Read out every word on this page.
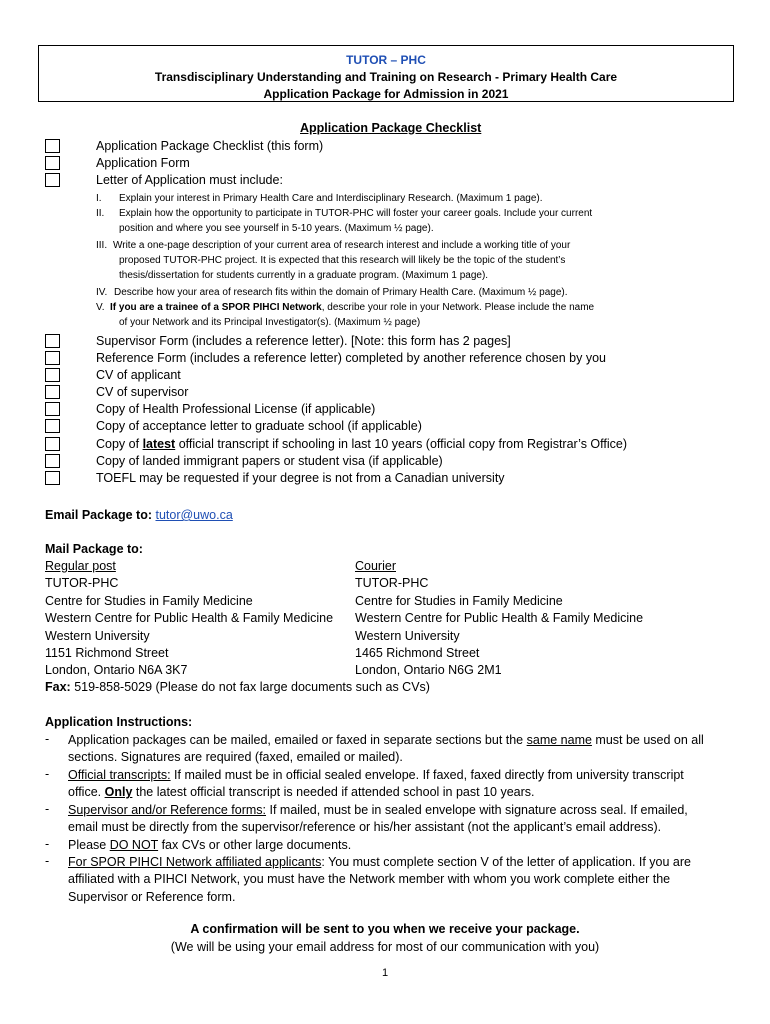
TUTOR – PHC
Transdisciplinary Understanding and Training on Research - Primary Health Care
Application Package for Admission in 2021
Application Package Checklist
Application Package Checklist (this form)
Application Form
Letter of Application must include:
I. Explain your interest in Primary Health Care and Interdisciplinary Research. (Maximum 1 page).
II. Explain how the opportunity to participate in TUTOR-PHC will foster your career goals. Include your current
position and where you see yourself in 5-10 years. (Maximum ½ page).
III. Write a one-page description of your current area of research interest and include a working title of your
proposed TUTOR-PHC project. It is expected that this research will likely be the topic of the student’s
thesis/dissertation for students currently in a graduate program. (Maximum 1 page).
IV. Describe how your area of research fits within the domain of Primary Health Care. (Maximum ½ page).
V. If you are a trainee of a SPOR PIHCI Network, describe your role in your Network. Please include the name
of your Network and its Principal Investigator(s). (Maximum ½ page)
Supervisor Form (includes a reference letter). [Note: this form has 2 pages]
Reference Form (includes a reference letter) completed by another reference chosen by you
CV of applicant
CV of supervisor
Copy of Health Professional License (if applicable)
Copy of acceptance letter to graduate school (if applicable)
Copy of latest official transcript if schooling in last 10 years (official copy from Registrar’s Office)
Copy of landed immigrant papers or student visa (if applicable)
TOEFL may be requested if your degree is not from a Canadian university
Email Package to: tutor@uwo.ca
Mail Package to:
Regular post
TUTOR-PHC
Centre for Studies in Family Medicine
Western Centre for Public Health & Family Medicine
Western University
1151 Richmond Street
London, Ontario N6A 3K7
Courier
TUTOR-PHC
Centre for Studies in Family Medicine
Western Centre for Public Health & Family Medicine
Western University
1465 Richmond Street
London, Ontario N6G 2M1
Fax: 519-858-5029 (Please do not fax large documents such as CVs)
Application Instructions:
- Application packages can be mailed, emailed or faxed in separate sections but the same name must be used on all sections. Signatures are required (faxed, emailed or mailed).
- Official transcripts: If mailed must be in official sealed envelope. If faxed, faxed directly from university transcript office. Only the latest official transcript is needed if attended school in past 10 years.
- Supervisor and/or Reference forms: If mailed, must be in sealed envelope with signature across seal. If emailed, email must be directly from the supervisor/reference or his/her assistant (not the applicant’s email address).
- Please DO NOT fax CVs or other large documents.
- For SPOR PIHCI Network affiliated applicants: You must complete section V of the letter of application. If you are affiliated with a PIHCI Network, you must have the Network member with whom you work complete either the Supervisor or Reference form.
A confirmation will be sent to you when we receive your package.
(We will be using your email address for most of our communication with you)
1
